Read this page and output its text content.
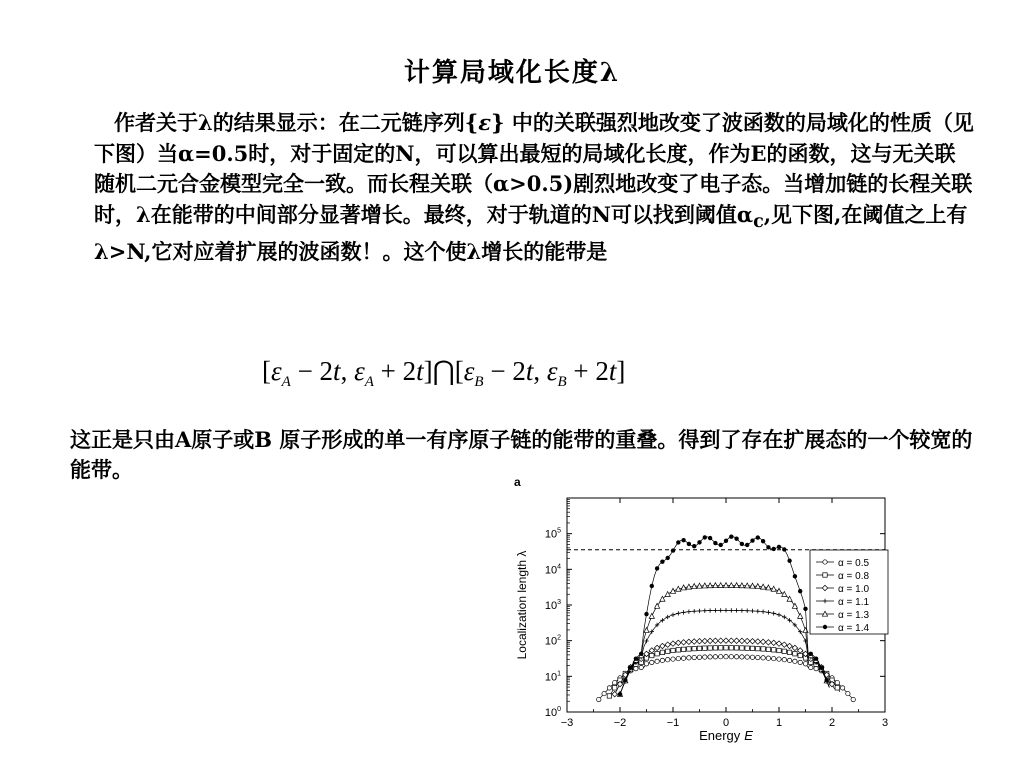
计算局域化长度λ
作者关于λ的结果显示：在二元链序列{ε} 中的关联强烈地改变了波函数的局域化的性质（见下图）当α=0.5时，对于固定的N，可以算出最短的局域化长度，作为E的函数，这与无关联随机二元合金模型完全一致。而长程关联（α>0.5)剧烈地改变了电子态。当增加链的长程关联时，λ在能带的中间部分显著增长。最终，对于轨道的N可以找到阈值$\alpha_c$,见下图,在阈值之上有λ>N,它对应着扩展的波函数！。这个使λ增长的能带是
[$\varepsilon_A - 2t$, $\varepsilon_A$ + $2t]⋂[\varepsilon_B - 2t$, $\varepsilon_B + 2t$]
这正是只由A原子或B 原子形成的单一有序原子链的能带的重叠。得到了存在扩展态的一个较宽的能带。	a
−3	−2	−1	0	1	2	3
$10^0$
$10^1$
$10^2$
$10^3$
$10^4$
$10^5$
α = 0.5
α = 0.8
α = 1.0
α = 1.1
α = 1.3
α = 1.4
Energy E
Localization length λ
